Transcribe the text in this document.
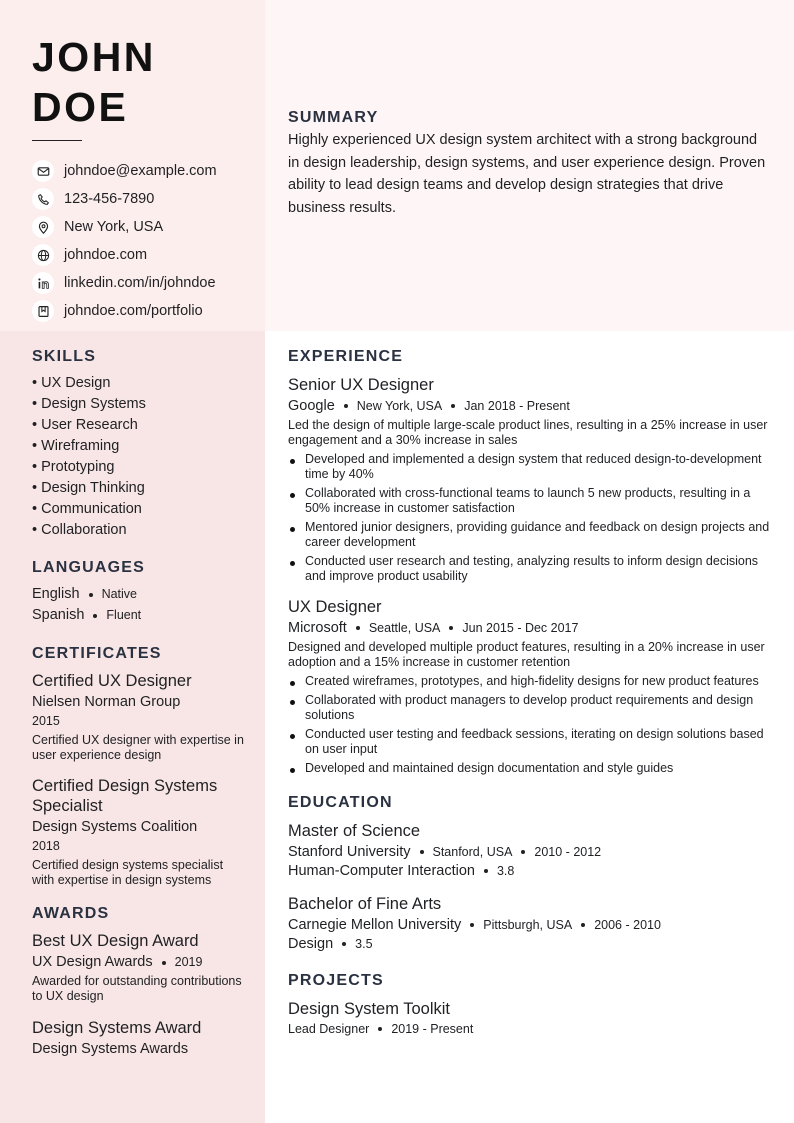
JOHN
DOE
johndoe@example.com
123-456-7890
New York, USA
johndoe.com
linkedin.com/in/johndoe
johndoe.com/portfolio
SUMMARY
Highly experienced UX design system architect with a strong background in design leadership, design systems, and user experience design. Proven ability to lead design teams and develop design strategies that drive business results.
SKILLS
• UX Design
• Design Systems
• User Research
• Wireframing
• Prototyping
• Design Thinking
• Communication
• Collaboration
LANGUAGES
English Native
Spanish Fluent
CERTIFICATES
Certified UX Designer
Nielsen Norman Group
2015
Certified UX designer with expertise in user experience design
Certified Design Systems Specialist
Design Systems Coalition
2018
Certified design systems specialist with expertise in design systems
AWARDS
Best UX Design Award
UX Design Awards 2019
Awarded for outstanding contributions to UX design
Design Systems Award
Design Systems Awards
EXPERIENCE
Senior UX Designer
Google New York, USA Jan 2018 - Present
Led the design of multiple large-scale product lines, resulting in a 25% increase in user engagement and a 30% increase in sales
Developed and implemented a design system that reduced design-to-development time by 40%
Collaborated with cross-functional teams to launch 5 new products, resulting in a 50% increase in customer satisfaction
Mentored junior designers, providing guidance and feedback on design projects and career development
Conducted user research and testing, analyzing results to inform design decisions and improve product usability
UX Designer
Microsoft Seattle, USA Jun 2015 - Dec 2017
Designed and developed multiple product features, resulting in a 20% increase in user adoption and a 15% increase in customer retention
Created wireframes, prototypes, and high-fidelity designs for new product features
Collaborated with product managers to develop product requirements and design solutions
Conducted user testing and feedback sessions, iterating on design solutions based on user input
Developed and maintained design documentation and style guides
EDUCATION
Master of Science
Stanford University Stanford, USA 2010 - 2012
Human-Computer Interaction 3.8
Bachelor of Fine Arts
Carnegie Mellon University Pittsburgh, USA 2006 - 2010
Design 3.5
PROJECTS
Design System Toolkit
Lead Designer 2019 - Present
